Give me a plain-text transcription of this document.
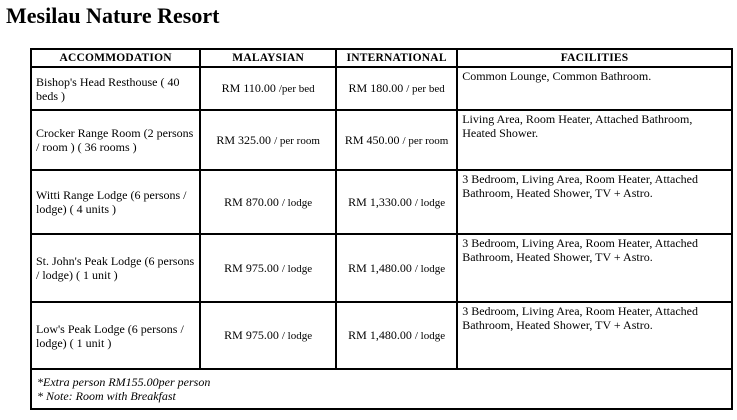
Mesilau Nature Resort
ACCOMMODATION	MALAYSIAN	INTERNATIONAL	FACILITIES
Bishop's Head Resthouse ( 40 beds )	RM 110.00 /per bed	RM 180.00 / per bed	Common Lounge, Common Bathroom.
Crocker Range Room (2 persons / room ) ( 36 rooms )	RM 325.00 / per room	RM 450.00 / per room	Living Area, Room Heater, Attached Bathroom, Heated Shower.
Witti Range Lodge (6 persons / lodge) ( 4 units )	RM 870.00 / lodge	RM 1,330.00 / lodge	3 Bedroom, Living Area, Room Heater, Attached Bathroom, Heated Shower, TV + Astro.
St. John's Peak Lodge (6 persons / lodge) ( 1 unit )	RM 975.00 / lodge	RM 1,480.00 / lodge	3 Bedroom, Living Area, Room Heater, Attached Bathroom, Heated Shower, TV + Astro.
Low's Peak Lodge (6 persons / lodge) ( 1 unit )	RM 975.00 / lodge	RM 1,480.00 / lodge	3 Bedroom, Living Area, Room Heater, Attached Bathroom, Heated Shower, TV + Astro.

*Extra person RM155.00per person
* Note: Room with Breakfast			
